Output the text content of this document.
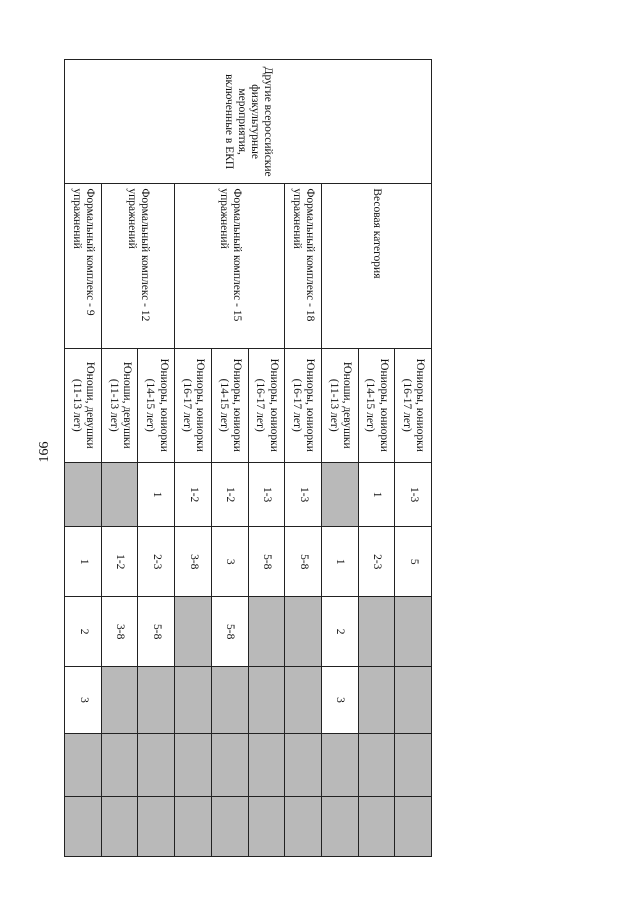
166
Другие всероссийские физкультурные мероприятия, включенные в ЕКП	Весовая категория	Юниоры, юниорки (16-17 лет)	1-3	5				
		Юниоры, юниорки (14-15 лет)	1	2-3				
		Юноши, девушки (11-13 лет)		1	2	3		
	Формальный комплекс - 18 упражнений	Юниоры, юниорки (16-17 лет)	1-3	5-8				
	Формальный комплекс - 15 упражнений	Юниоры, юниорки (16-17 лет)	1-3	5-8				
		Юниоры, юниорки (14-15 лет)	1-2	3	5-8			
		Юниоры, юниорки (16-17 лет)	1-2	3-8				
	Формальный комплекс - 12 упражнений	Юниоры, юниорки (14-15 лет)	1	2-3	5-8			
		Юноши, девушки (11-13 лет)		1-2	3-8			
	Формальный комплекс - 9 упражнений	Юноши, девушки (11-13 лет)		1	2	3		
